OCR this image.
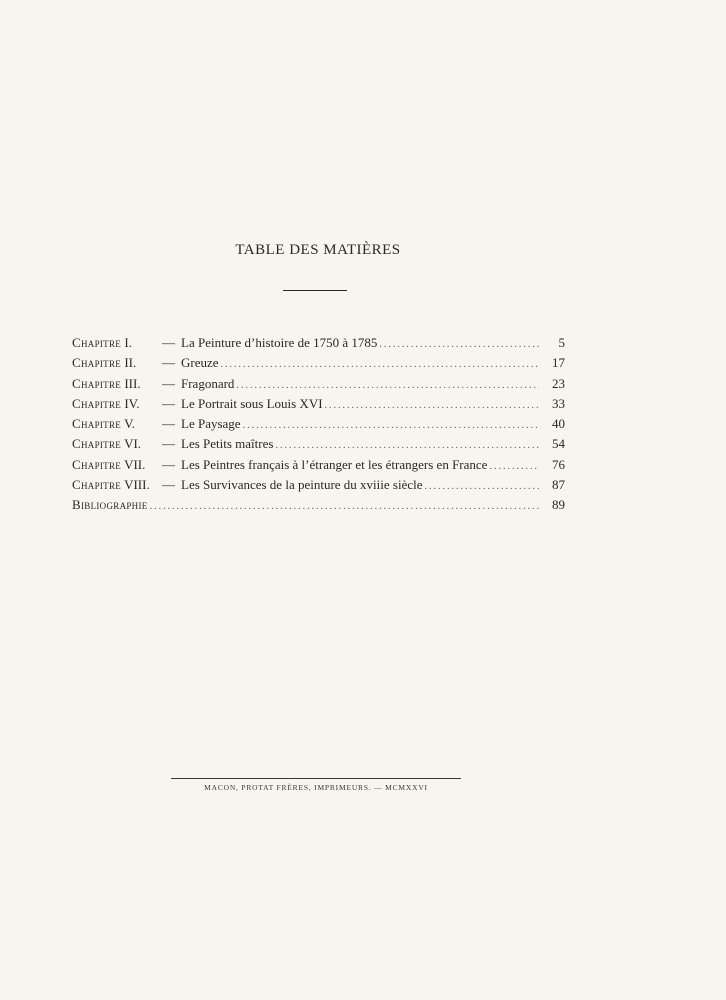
TABLE DES MATIÈRES
Chapitre I.	— La Peinture d’histoire de 1750 à 1785 .....	5
Chapitre II.	— Greuze .....	17
Chapitre III.	— Fragonard .....	23
Chapitre IV.	— Le Portrait sous Louis XVI .....	33
Chapitre V.	— Le Paysage .....	40
Chapitre VI.	— Les Petits maîtres .....	54
Chapitre VII.	— Les Peintres français à l’étranger et les étrangers en France .....	76
Chapitre VIII. — Les Survivances de la peinture du xviiie siècle .....	87
Bibliographie .....	89
MACON, PROTAT FRÈRES, IMPRIMEURS. — MCMXXVI
